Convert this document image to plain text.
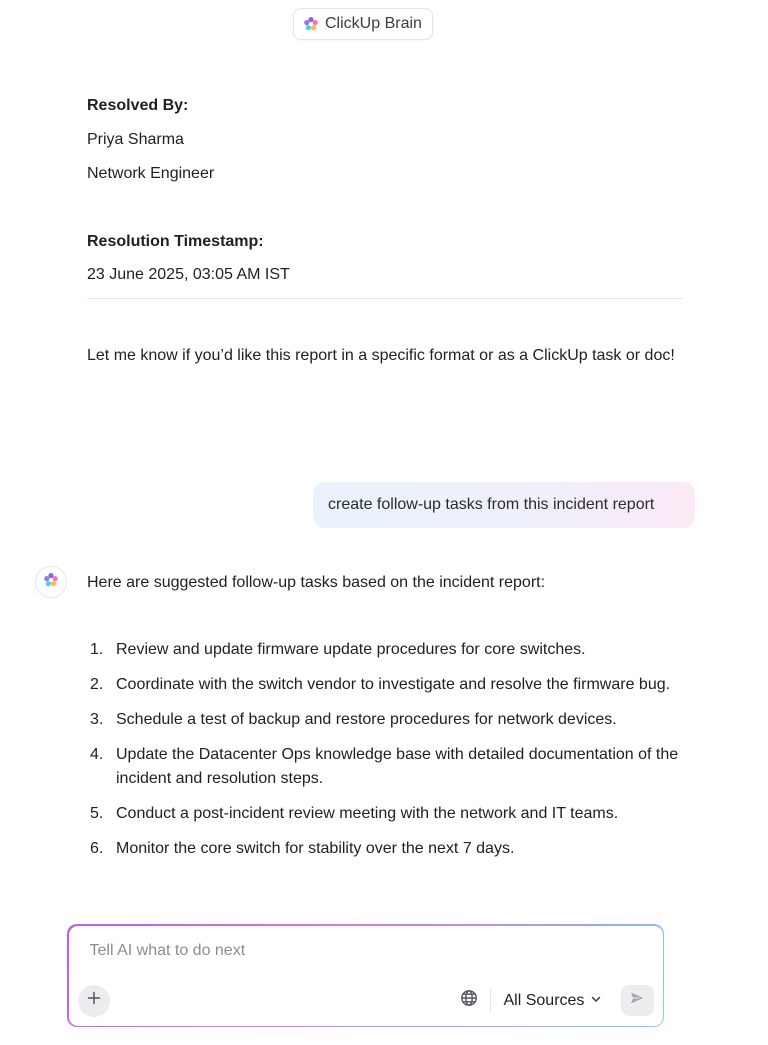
ClickUp Brain

Resolved By:

Priya Sharma

Network Engineer

Resolution Timestamp:

23 June 2025, 03:05 AM IST

Let me know if you’d like this report in a specific format or as a ClickUp task or doc!

create follow-up tasks from this incident report
Here are suggested follow-up tasks based on the incident report:
1. Review and update firmware update procedures for core switches.
2. Coordinate with the switch vendor to investigate and resolve the firmware bug.
3. Schedule a test of backup and restore procedures for network devices.
4. Update the Datacenter Ops knowledge base with detailed documentation of the incident and resolution steps.
5. Conduct a post-incident review meeting with the network and IT teams.
6. Monitor the core switch for stability over the next 7 days.
Tell AI what to do next
All Sources
